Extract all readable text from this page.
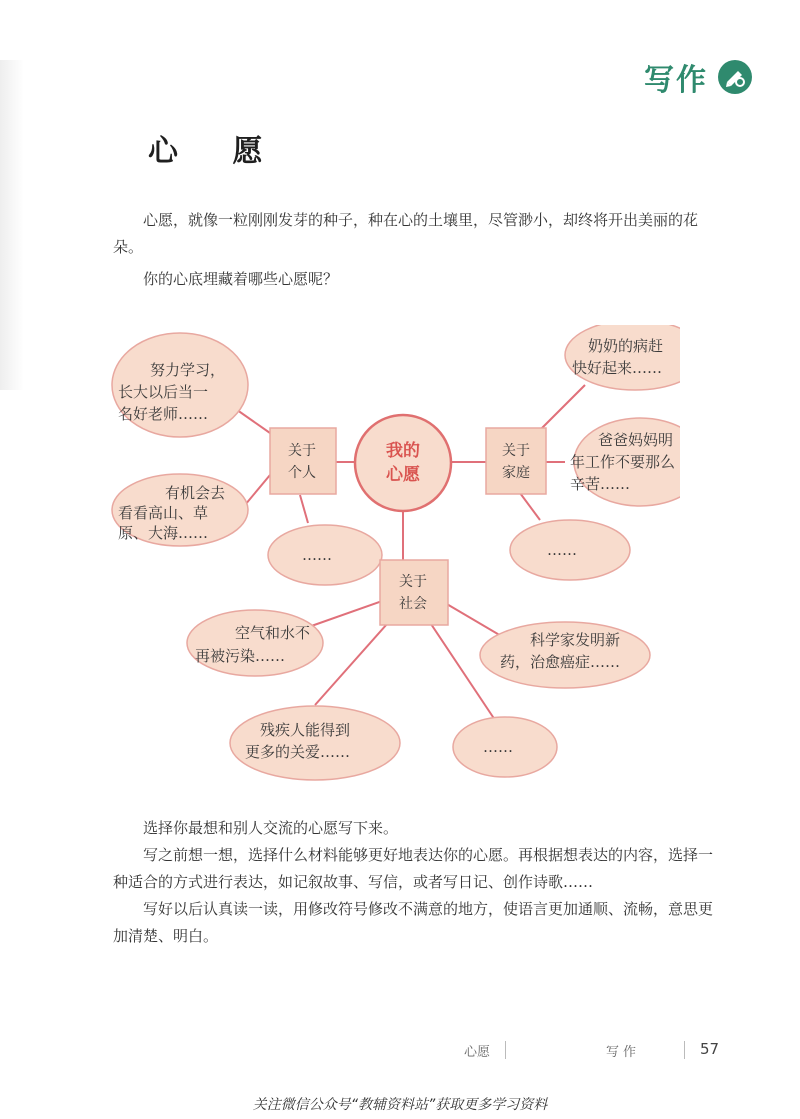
写作
心 愿

心愿，就像一粒刚刚发芽的种子，种在心的土壤里，尽管渺小，却终将开出美丽的花朵。

你的心底埋藏着哪些心愿呢？

努力学习，
长大以后当一
名好老师……
有机会去
看看高山、草
原、大海……
……
奶奶的病赶
快好起来……
爸爸妈妈明
年工作不要那么
辛苦……
……
空气和水不
再被污染……
科学家发明新
药，治愈癌症……
残疾人能得到
更多的关爱……	……
关于
个人
关于
家庭
关于
社会
我的
心愿

选择你最想和别人交流的心愿写下来。

写之前想一想，选择什么材料能够更好地表达你的心愿。再根据想表达的内容，选择一种适合的方式进行表达，如记叙故事、写信，或者写日记、创作诗歌……

写好以后认真读一读，用修改符号修改不满意的地方，使语言更加通顺、流畅，意思更加清楚、明白。

心愿	写作	57
关注微信公众号“教辅资料站”获取更多学习资料
